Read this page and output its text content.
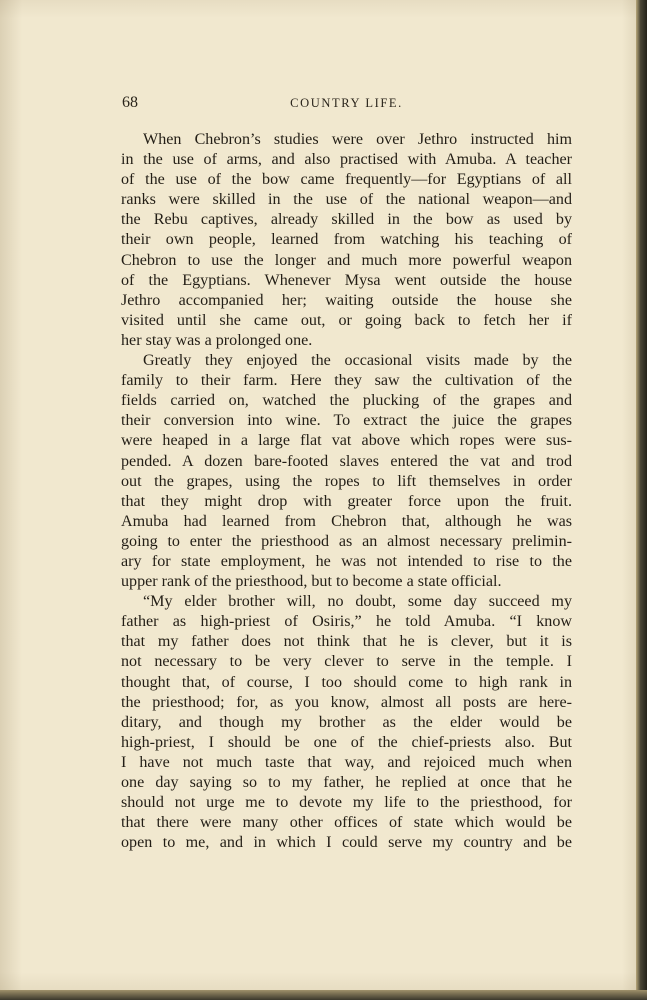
68	COUNTRY LIFE.
When Chebron’s studies were over Jethro instructed him
in the use of arms, and also practised with Amuba. A teacher
of the use of the bow came frequently—for Egyptians of all
ranks were skilled in the use of the national weapon—and
the Rebu captives, already skilled in the bow as used by
their own people, learned from watching his teaching of
Chebron to use the longer and much more powerful weapon
of the Egyptians. Whenever Mysa went outside the house
Jethro accompanied her; waiting outside the house she
visited until she came out, or going back to fetch her if
her stay was a prolonged one.
Greatly they enjoyed the occasional visits made by the
family to their farm. Here they saw the cultivation of the
fields carried on, watched the plucking of the grapes and
their conversion into wine. To extract the juice the grapes
were heaped in a large flat vat above which ropes were sus-
pended. A dozen bare-footed slaves entered the vat and trod
out the grapes, using the ropes to lift themselves in order
that they might drop with greater force upon the fruit.
Amuba had learned from Chebron that, although he was
going to enter the priesthood as an almost necessary prelimin-
ary for state employment, he was not intended to rise to the
upper rank of the priesthood, but to become a state official.
“My elder brother will, no doubt, some day succeed my
father as high-priest of Osiris,” he told Amuba. “I know
that my father does not think that he is clever, but it is
not necessary to be very clever to serve in the temple. I
thought that, of course, I too should come to high rank in
the priesthood; for, as you know, almost all posts are here-
ditary, and though my brother as the elder would be
high-priest, I should be one of the chief-priests also. But
I have not much taste that way, and rejoiced much when
one day saying so to my father, he replied at once that he
should not urge me to devote my life to the priesthood, for
that there were many other offices of state which would be
open to me, and in which I could serve my country and be
